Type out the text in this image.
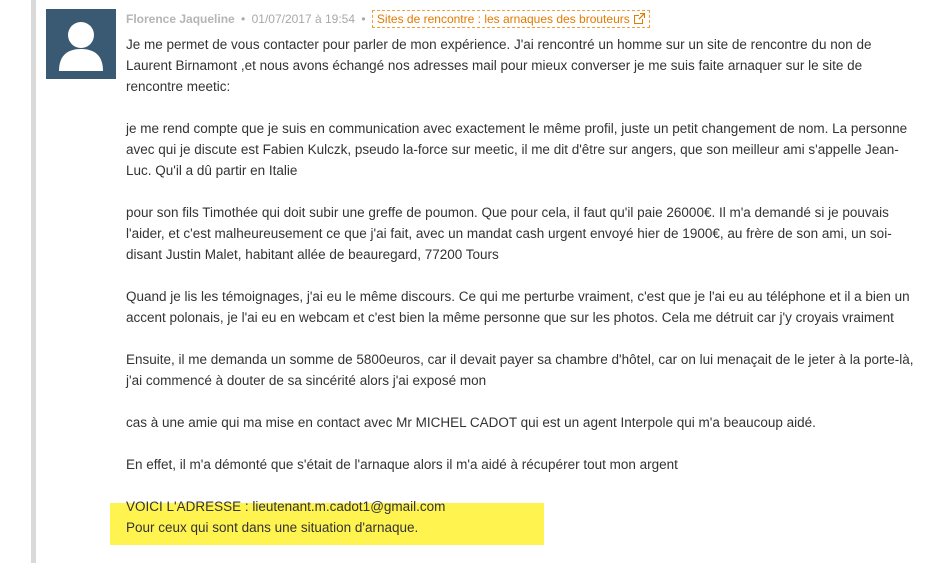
Florence Jaqueline • 01/07/2017 à 19:54 • Sites de rencontre : les arnaques des brouteurs

Je me permet de vous contacter pour parler de mon expérience. J'ai rencontré un homme sur un site de rencontre du non de Laurent Birnamont ,et nous avons échangé nos adresses mail pour mieux converser je me suis faite arnaquer sur le site de rencontre meetic:

je me rend compte que je suis en communication avec exactement le même profil, juste un petit changement de nom. La personne avec qui je discute est Fabien Kulczk, pseudo la-force sur meetic, il me dit d'être sur angers, que son meilleur ami s'appelle Jean-Luc. Qu'il a dû partir en Italie

pour son fils Timothée qui doit subir une greffe de poumon. Que pour cela, il faut qu'il paie 26000€. Il m'a demandé si je pouvais l'aider, et c'est malheureusement ce que j'ai fait, avec un mandat cash urgent envoyé hier de 1900€, au frère de son ami, un soi-disant Justin Malet, habitant allée de beauregard, 77200 Tours

Quand je lis les témoignages, j'ai eu le même discours. Ce qui me perturbe vraiment, c'est que je l'ai eu au téléphone et il a bien un accent polonais, je l'ai eu en webcam et c'est bien la même personne que sur les photos. Cela me détruit car j'y croyais vraiment

Ensuite, il me demanda un somme de 5800euros, car il devait payer sa chambre d'hôtel, car on lui menaçait de le jeter à la porte-là, j'ai commencé à douter de sa sincérité alors j'ai exposé mon

cas à une amie qui ma mise en contact avec Mr MICHEL CADOT qui est un agent Interpole qui m'a beaucoup aidé.

En effet, il m'a démonté que s'était de l'arnaque alors il m'a aidé à récupérer tout mon argent

VOICI L'ADRESSE : lieutenant.m.cadot1@gmail.com

Pour ceux qui sont dans une situation d'arnaque.
